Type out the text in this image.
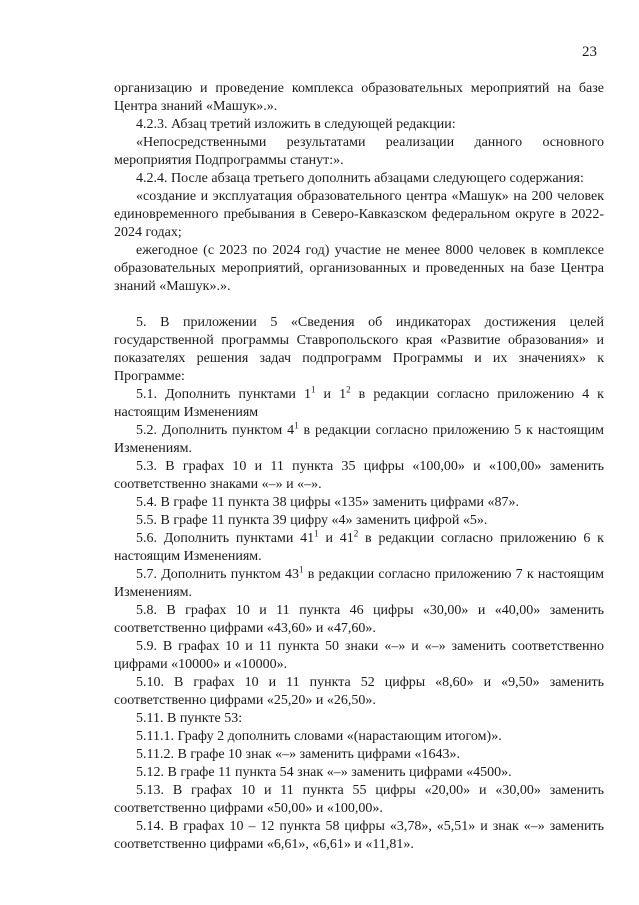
23

организацию и проведение комплекса образовательных мероприятий на базе Центра знаний «Машук».».

4.2.3. Абзац третий изложить в следующей редакции:

«Непосредственными результатами реализации данного основного мероприятия Подпрограммы станут:».

4.2.4. После абзаца третьего дополнить абзацами следующего содержания:

«создание и эксплуатация образовательного центра «Машук» на 200 человек единовременного пребывания в Северо-Кавказском федеральном округе в 2022-2024 годах;

ежегодное (с 2023 по 2024 год) участие не менее 8000 человек в комплексе образовательных мероприятий, организованных и проведенных на базе Центра знаний «Машук».».

5. В приложении 5 «Сведения об индикаторах достижения целей государственной программы Ставропольского края «Развитие образования» и показателях решения задач подпрограмм Программы и их значениях» к Программе:

5.1. Дополнить пунктами $1^1$ и $1^2$ в редакции согласно приложению 4 к настоящим Изменениям

5.2. Дополнить пунктом $4^1$ в редакции согласно приложению 5 к настоящим Изменениям.

5.3. В графах 10 и 11 пункта 35 цифры «100,00» и «100,00» заменить соответственно знаками «–» и «–».

5.4. В графе 11 пункта 38 цифры «135» заменить цифрами «87».

5.5. В графе 11 пункта 39 цифру «4» заменить цифрой «5».

5.6. Дополнить пунктами $41^1$ и $41^2$ в редакции согласно приложению 6 к настоящим Изменениям.

5.7. Дополнить пунктом $43^1$ в редакции согласно приложению 7 к настоящим Изменениям.

5.8. В графах 10 и 11 пункта 46 цифры «30,00» и «40,00» заменить соответственно цифрами «43,60» и «47,60».

5.9. В графах 10 и 11 пункта 50 знаки «–» и «–» заменить соответственно цифрами «10000» и «10000».

5.10. В графах 10 и 11 пункта 52 цифры «8,60» и «9,50» заменить соответственно цифрами «25,20» и «26,50».

5.11. В пункте 53:

5.11.1. Графу 2 дополнить словами «(нарастающим итогом)».

5.11.2. В графе 10 знак «–» заменить цифрами «1643».

5.12. В графе 11 пункта 54 знак «–» заменить цифрами «4500».

5.13. В графах 10 и 11 пункта 55 цифры «20,00» и «30,00» заменить соответственно цифрами «50,00» и «100,00».

5.14. В графах 10 – 12 пункта 58 цифры «3,78», «5,51» и знак «–» заменить соответственно цифрами «6,61», «6,61» и «11,81».
